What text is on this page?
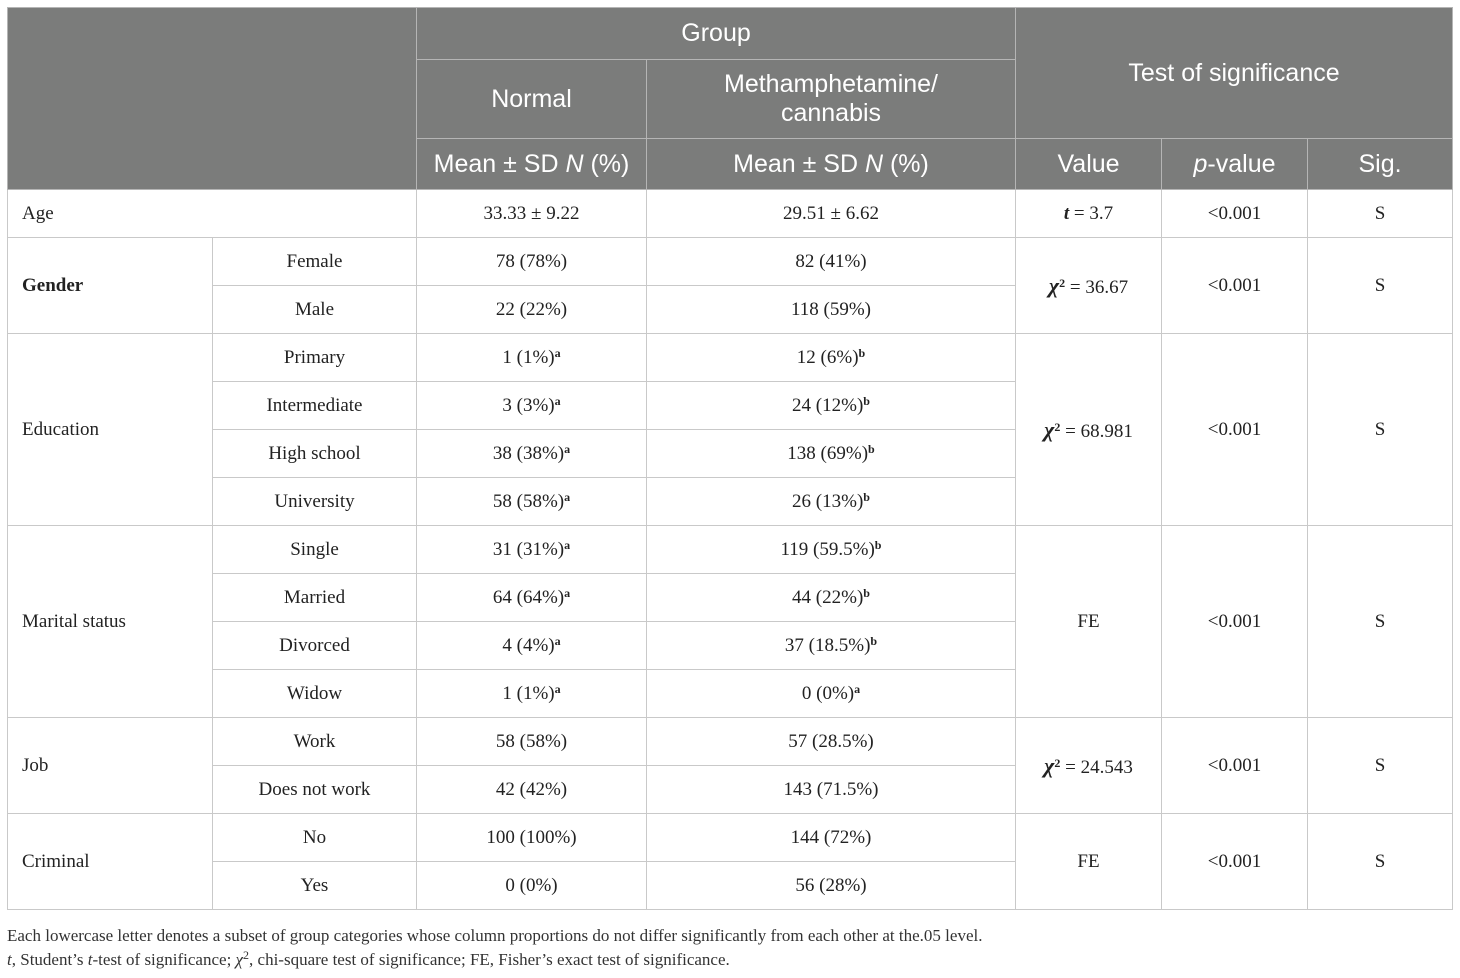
		Group		Test of significance		
		Normal	Methamphetamine/
cannabis			
		Mean ± SD N (%)	Mean ± SD N (%)	Value	p-value	Sig.
Age		33.33 ± 9.22	29.51 ± 6.62	t = 3.7	<0.001	S
Gender	Female	78 (78%)	82 (41%)	$\chi^2 = 36.67$	<0.001	S
	Male	22 (22%)	118 (59%)			
Education	Primary	1 $(1\%)^a$	12 $(6\%)^b$	$\chi^2 = 68.981$	<0.001	S
	Intermediate	3 $(3\%)^a$	24 $(12\%)^b$
	High school	38 $(38\%)^a$	138 $(69\%)^b$
	University	58 $(58\%)^a$	26 $(13\%)^b$
Marital status	Single	31 $(31\%)^a$	119 $(59.5\%)^b$	FE	<0.001	S
	Married	64 $(64\%)^a$	44 $(22\%)^b$
	Divorced	4 $(4\%)^a$	37 $(18.5\%)^b$
	Widow	1 $(1\%)^a$	0 $(0\%)^a$
Job	Work	58 (58%)	57 (28.5%)	$\chi^2 = 24.543$	<0.001	S
	Does not work	42 (42%)	143 (71.5%)			
Criminal	No	100 (100%)	144 (72%)	FE	<0.001	S
	Yes	0 (0%)	56 (28%)			
Each lowercase letter denotes a subset of group categories whose column proportions do not differ significantly from each other at the.05 level.
t, Student’s t-test of significance; $\chi^2$, chi-square test of significance; FE, Fisher’s exact test of significance.
